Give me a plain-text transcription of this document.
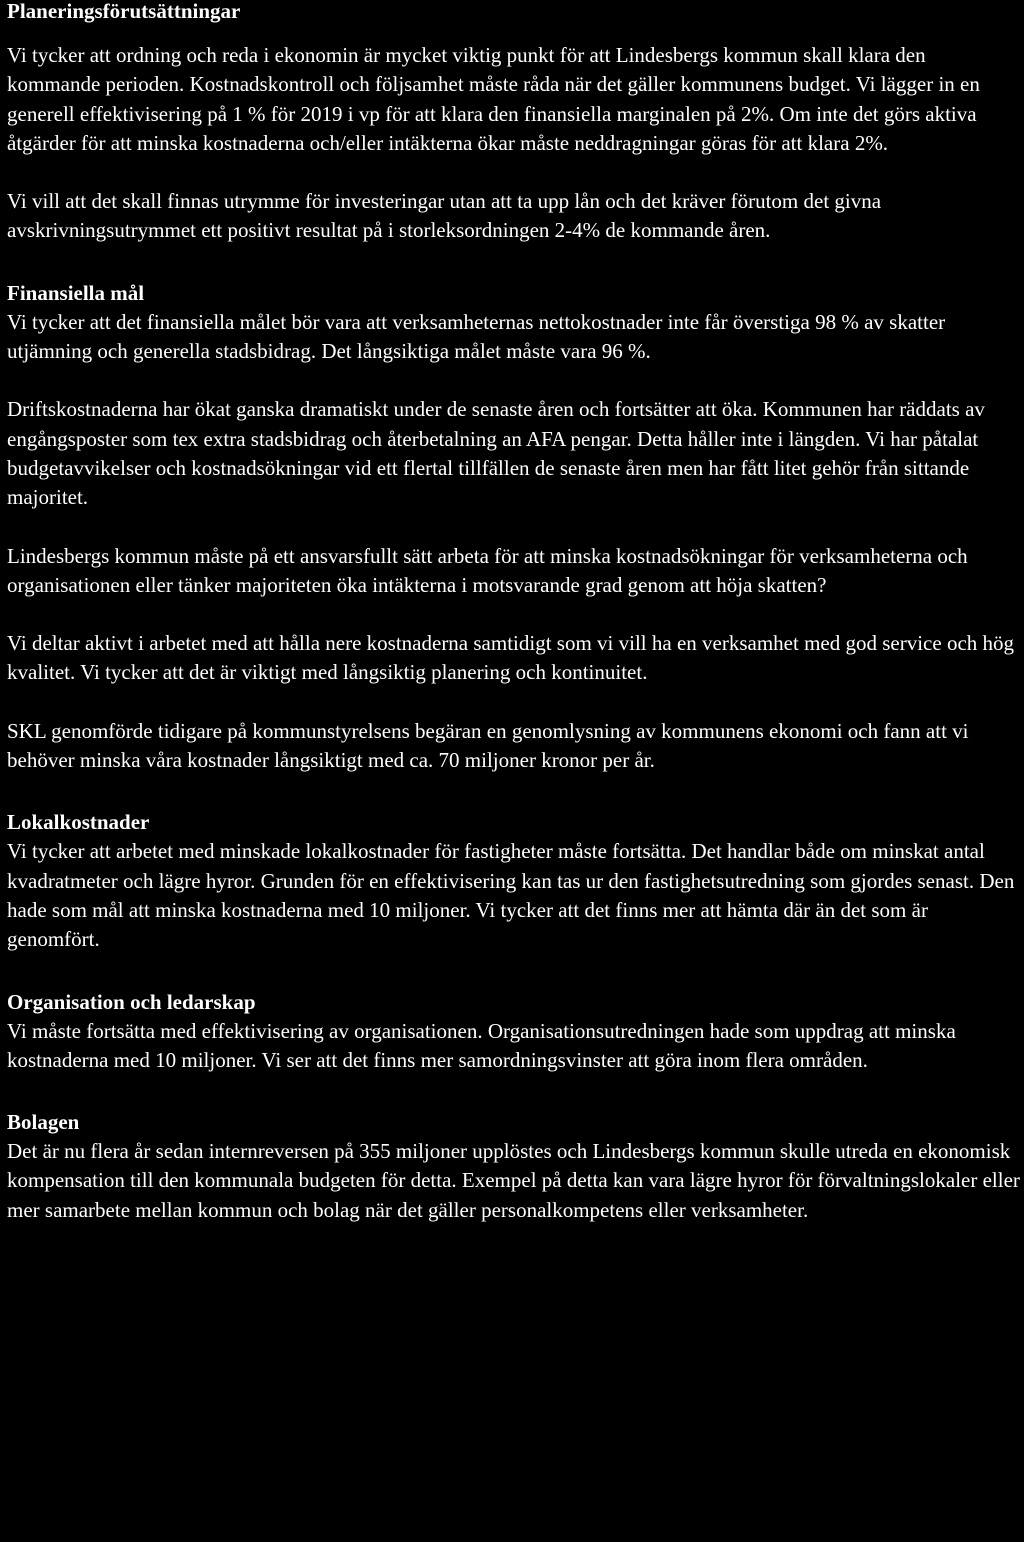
Planeringsförutsättningar

Vi tycker att ordning och reda i ekonomin är mycket viktig punkt för att Lindesbergs kommun skall klara den kommande perioden. Kostnadskontroll och följsamhet måste råda när det gäller kommunens budget. Vi lägger in en generell effektivisering på 1 % för 2019 i vp för att klara den finansiella marginalen på 2%. Om inte det görs aktiva åtgärder för att minska kostnaderna och/eller intäkterna ökar måste neddragningar göras för att klara 2%.

Vi vill att det skall finnas utrymme för investeringar utan att ta upp lån och det kräver förutom det givna avskrivningsutrymmet ett positivt resultat på i storleksordningen 2-4% de kommande åren.

Finansiella mål

Vi tycker att det finansiella målet bör vara att verksamheternas nettokostnader inte får överstiga 98 % av skatter utjämning och generella stadsbidrag. Det långsiktiga målet måste vara 96 %.

Driftskostnaderna har ökat ganska dramatiskt under de senaste åren och fortsätter att öka. Kommunen har räddats av engångsposter som tex extra stadsbidrag och återbetalning an AFA pengar. Detta håller inte i längden. Vi har påtalat budgetavvikelser och kostnadsökningar vid ett flertal tillfällen de senaste åren men har fått litet gehör från sittande majoritet.

Lindesbergs kommun måste på ett ansvarsfullt sätt arbeta för att minska kostnadsökningar för verksamheterna och organisationen eller tänker majoriteten öka intäkterna i motsvarande grad genom att höja skatten?

Vi deltar aktivt i arbetet med att hålla nere kostnaderna samtidigt som vi vill ha en verksamhet med god service och hög kvalitet. Vi tycker att det är viktigt med långsiktig planering och kontinuitet.

SKL genomförde tidigare på kommunstyrelsens begäran en genomlysning av kommunens ekonomi och fann att vi behöver minska våra kostnader långsiktigt med ca. 70 miljoner kronor per år.

Lokalkostnader

Vi tycker att arbetet med minskade lokalkostnader för fastigheter måste fortsätta. Det handlar både om minskat antal kvadratmeter och lägre hyror. Grunden för en effektivisering kan tas ur den fastighetsutredning som gjordes senast. Den hade som mål att minska kostnaderna med 10 miljoner. Vi tycker att det finns mer att hämta där än det som är genomfört.

Organisation och ledarskap

Vi måste fortsätta med effektivisering av organisationen. Organisationsutredningen hade som uppdrag att minska kostnaderna med 10 miljoner. Vi ser att det finns mer samordningsvinster att göra inom flera områden.

Bolagen

Det är nu flera år sedan internreversen på 355 miljoner upplöstes och Lindesbergs kommun skulle utreda en ekonomisk kompensation till den kommunala budgeten för detta. Exempel på detta kan vara lägre hyror för förvaltningslokaler eller mer samarbete mellan kommun och bolag när det gäller personalkompetens eller verksamheter.
